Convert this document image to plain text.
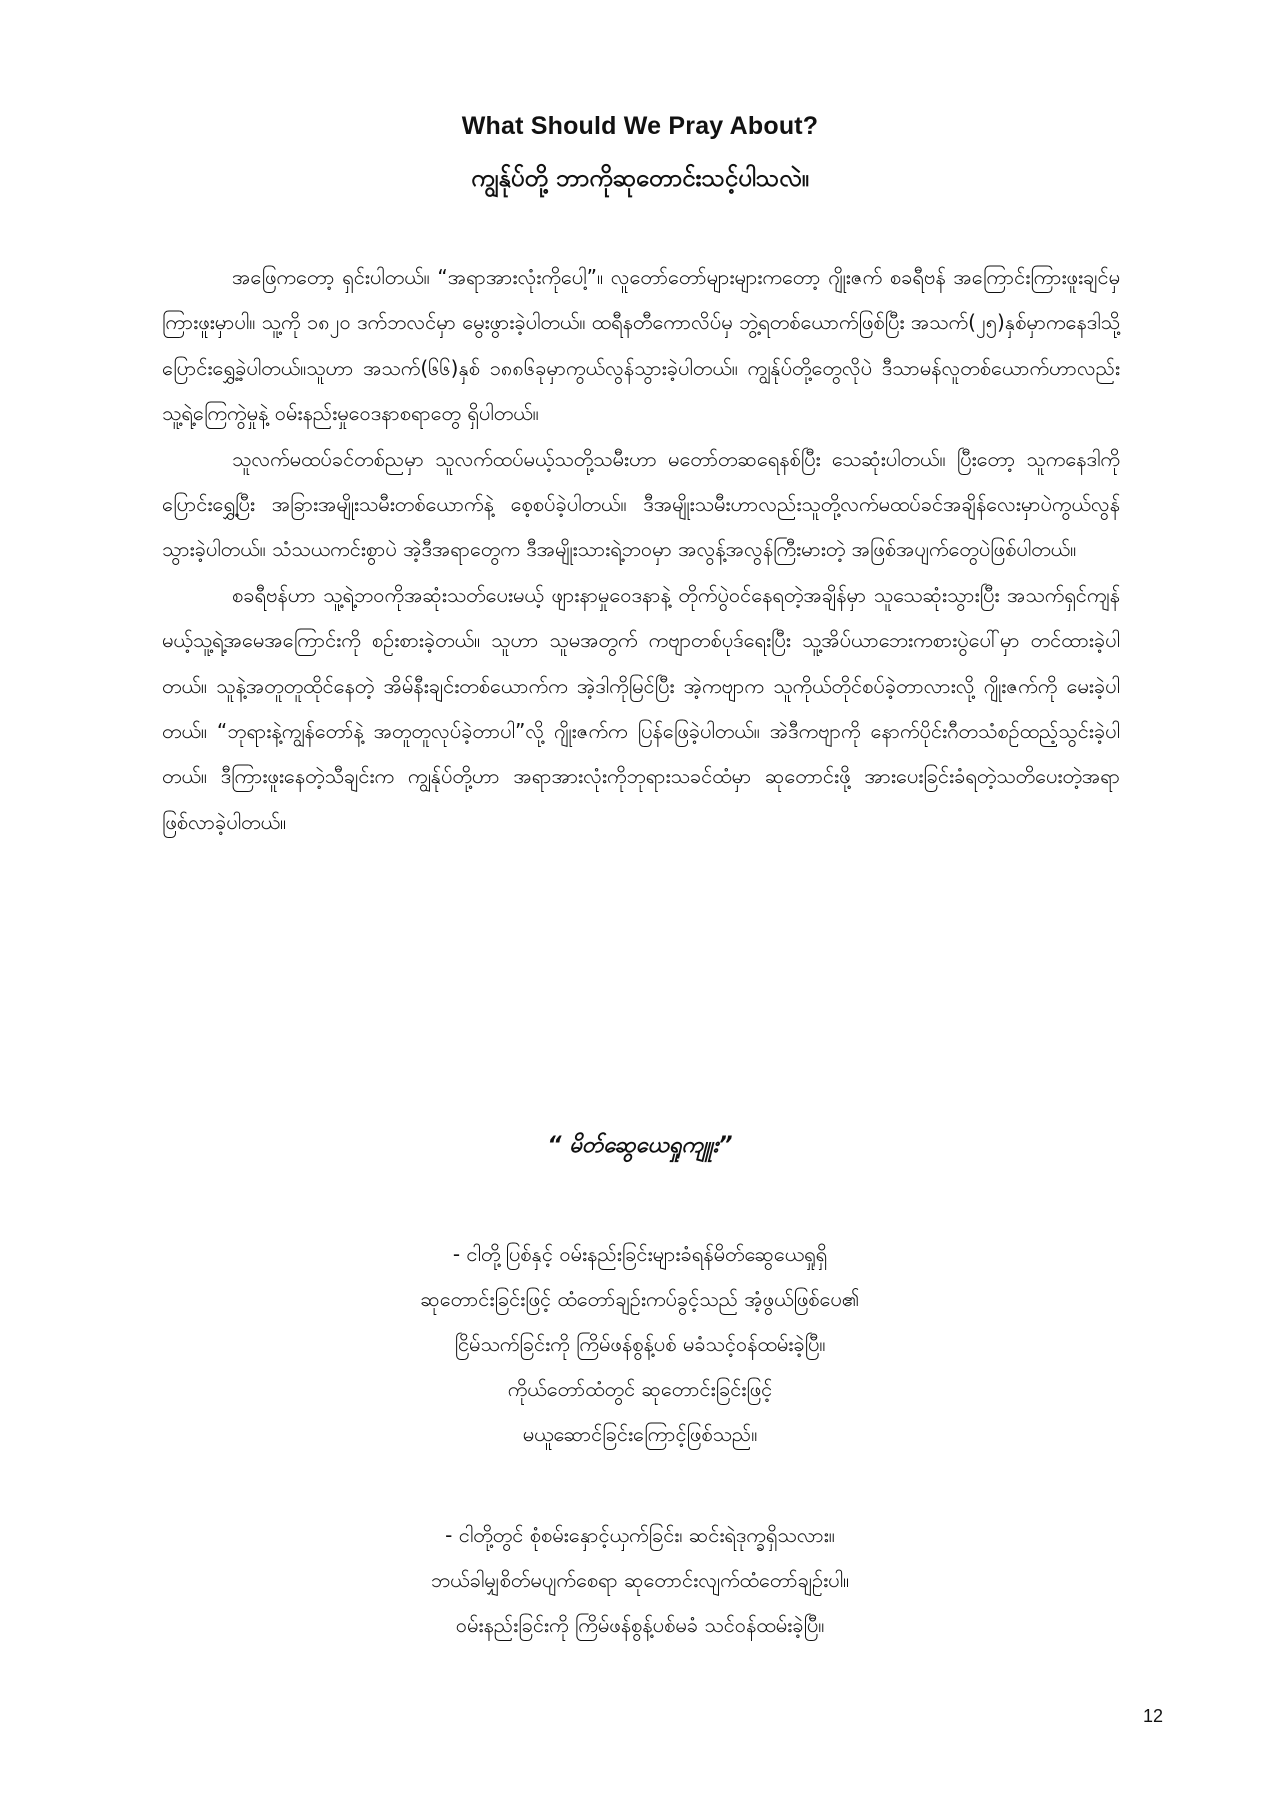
What Should We Pray About?
ကျွန်ုပ်တို့ ဘာကိုဆုတောင်းသင့်ပါသလဲ။

အဖြေကတော့ ရှင်းပါတယ်။ “အရာအားလုံးကိုပေါ့”။ လူတော်တော်များများကတော့ ဂျိုးဇက် စခရီဗန် အကြောင်းကြားဖူးချင်မှ ကြားဖူးမှာပါ။ သူ့ကို ၁၈၂၀ ဒက်ဘလင်မှာ မွေးဖွားခဲ့ပါတယ်။ ထရီနတီကောလိပ်မှ ဘွဲ့ရတစ်ယောက်ဖြစ်ပြီး အသက်(၂၅)နှစ်မှာကနေဒါသို့ပြောင်းရွှေ့ခဲ့ပါတယ်။သူဟာ အသက်(၆၆)နှစ် ၁၈၈၆ခုမှာကွယ်လွန်သွားခဲ့ပါတယ်။ ကျွန်ုပ်တို့တွေလိုပဲ ဒီသာမန်လူတစ်ယောက်ဟာလည်း သူ့ရဲ့ကြေကွဲမှုနဲ့ ဝမ်းနည်းမှုဝေဒနာစရာတွေ ရှိပါတယ်။

သူလက်မထပ်ခင်တစ်ညမှာ သူလက်ထပ်မယ့်သတို့သမီးဟာ မတော်တဆရေနစ်ပြီး သေဆုံးပါတယ်။ ပြီးတော့ သူကနေဒါကိုပြောင်းရွှေ့ပြီး အခြားအမျိုးသမီးတစ်ယောက်နဲ့ စေ့စပ်ခဲ့ပါတယ်။ ဒီအမျိုးသမီးဟာလည်းသူတို့လက်မထပ်ခင်အချိန်လေးမှာပဲကွယ်လွန်သွားခဲ့ပါတယ်။ သံသယကင်းစွာပဲ အဲ့ဒီအရာတွေက ဒီအမျိုးသားရဲ့ဘဝမှာ အလွန့်အလွန်ကြီးမားတဲ့ အဖြစ်အပျက်တွေပဲဖြစ်ပါတယ်။

စခရီဗန်ဟာ သူ့ရဲ့ဘဝကိုအဆုံးသတ်ပေးမယ့် ဖျားနာမှုဝေဒနာနဲ့ တိုက်ပွဲဝင်နေရတဲ့အချိန်မှာ သူသေဆုံးသွားပြီး အသက်ရှင်ကျန်မယ့်သူ့ရဲ့အမေအကြောင်းကို စဉ်းစားခဲ့တယ်။ သူဟာ သူမအတွက် ကဗျာတစ်ပုဒ်ရေးပြီး သူ့အိပ်ယာဘေးကစားပွဲပေါ်မှာ တင်ထားခဲ့ပါတယ်။ သူနဲ့အတူတူထိုင်နေတဲ့ အိမ်နီးချင်းတစ်ယောက်က အဲ့ဒါကိုမြင်ပြီး အဲ့ကဗျာက သူကိုယ်တိုင်စပ်ခဲ့တာလားလို့ ဂျိုးဇက်ကို မေးခဲ့ပါတယ်။ “ဘုရားနဲ့ကျွန်တော်နဲ့ အတူတူလုပ်ခဲ့တာပါ”လို့ ဂျိုးဇက်က ပြန်ဖြေခဲ့ပါတယ်။ အဲဒီကဗျာကို နောက်ပိုင်းဂီတသံစဉ်ထည့်သွင်းခဲ့ပါတယ်။ ဒီကြားဖူးနေတဲ့သီချင်းက ကျွန်ုပ်တို့ဟာ အရာအားလုံးကိုဘုရားသခင်ထံမှာ ဆုတောင်းဖို့ အားပေးခြင်းခံရတဲ့သတိပေးတဲ့အရာဖြစ်လာခဲ့ပါတယ်။

“ မိတ်ဆွေယေရှုကျူး”
- ငါတို့ပြစ်နှင့် ဝမ်းနည်းခြင်းများခံရန်မိတ်ဆွေယေရှုရှိ
ဆုတောင်းခြင်းဖြင့် ထံတော်ချဉ်းကပ်ခွင့်သည် အံ့ဖွယ်ဖြစ်ပေ၏
ငြိမ်သက်ခြင်းကို ကြိမ်ဖန်စွန့်ပစ် မခံသင့်ဝန်ထမ်းခဲ့ပြီ။
ကိုယ်တော်ထံတွင် ဆုတောင်းခြင်းဖြင့်
မယူဆောင်ခြင်းကြောင့်ဖြစ်သည်။
- ငါတို့တွင် စုံစမ်းနှောင့်ယှက်ခြင်း၊ ဆင်းရဲဒုက္ခရှိသလား။
ဘယ်ခါမျှစိတ်မပျက်စေရာ ဆုတောင်းလျက်ထံတော်ချဉ်းပါ။
ဝမ်းနည်းခြင်းကို ကြိမ်ဖန်စွန့်ပစ်မခံ သင်ဝန်ထမ်းခဲ့ပြီ။
12
